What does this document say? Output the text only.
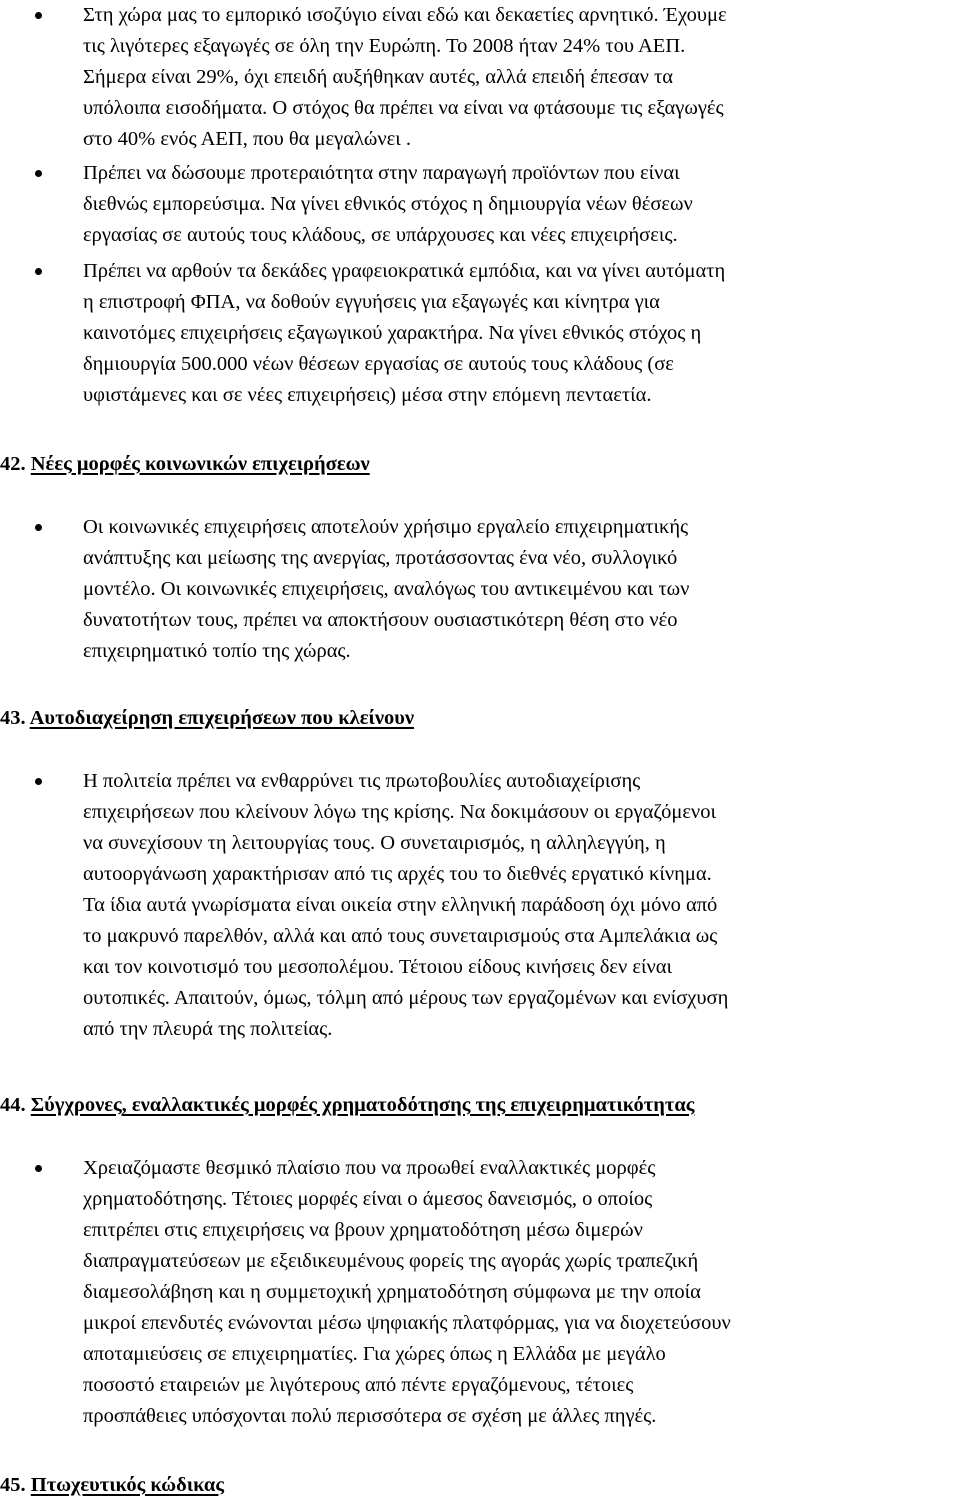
Στη χώρα μας το εμπορικό ισοζύγιο είναι εδώ και δεκαετίες αρνητικό. Έχουμε
τις λιγότερες εξαγωγές σε όλη την Ευρώπη. Το 2008 ήταν 24% του ΑΕΠ.
Σήμερα είναι 29%, όχι επειδή αυξήθηκαν αυτές, αλλά επειδή έπεσαν τα
υπόλοιπα εισοδήματα. Ο στόχος θα πρέπει να είναι να φτάσουμε τις εξαγωγές
στο 40% ενός ΑΕΠ, που θα μεγαλώνει .
Πρέπει να δώσουμε προτεραιότητα στην παραγωγή προϊόντων που είναι
διεθνώς εμπορεύσιμα. Να γίνει εθνικός στόχος η δημιουργία νέων θέσεων
εργασίας σε αυτούς τους κλάδους, σε υπάρχουσες και νέες επιχειρήσεις.
Πρέπει να αρθούν τα δεκάδες γραφειοκρατικά εμπόδια, και να γίνει αυτόματη
η επιστροφή ΦΠΑ, να δοθούν εγγυήσεις για εξαγωγές και κίνητρα για
καινοτόμες επιχειρήσεις εξαγωγικού χαρακτήρα. Να γίνει εθνικός στόχος η
δημιουργία 500.000 νέων θέσεων εργασίας σε αυτούς τους κλάδους (σε
υφιστάμενες και σε νέες επιχειρήσεις) μέσα στην επόμενη πενταετία.
42. Νέες μορφές κοινωνικών επιχειρήσεων
Οι κοινωνικές επιχειρήσεις αποτελούν χρήσιμο εργαλείο επιχειρηματικής
ανάπτυξης και μείωσης της ανεργίας, προτάσσοντας ένα νέο, συλλογικό
μοντέλο. Οι κοινωνικές επιχειρήσεις, αναλόγως του αντικειμένου και των
δυνατοτήτων τους, πρέπει να αποκτήσουν ουσιαστικότερη θέση στο νέο
επιχειρηματικό τοπίο της χώρας.
43. Αυτοδιαχείρηση επιχειρήσεων που κλείνουν
Η πολιτεία πρέπει να ενθαρρύνει τις πρωτοβουλίες αυτοδιαχείρισης
επιχειρήσεων που κλείνουν λόγω της κρίσης. Να δοκιμάσουν οι εργαζόμενοι
να συνεχίσουν τη λειτουργίας τους. Ο συνεταιρισμός, η αλληλεγγύη, η
αυτοοργάνωση χαρακτήρισαν από τις αρχές του το διεθνές εργατικό κίνημα.
Τα ίδια αυτά γνωρίσματα είναι οικεία στην ελληνική παράδοση όχι μόνο από
το μακρυνό παρελθόν, αλλά και από τους συνεταιρισμούς στα Αμπελάκια ως
και τον κοινοτισμό του μεσοπολέμου. Τέτοιου είδους κινήσεις δεν είναι
ουτοπικές. Απαιτούν, όμως, τόλμη από μέρους των εργαζομένων και ενίσχυση
από την πλευρά της πολιτείας.
44. Σύγχρονες, εναλλακτικές μορφές χρηματοδότησης της επιχειρηματικότητας
Χρειαζόμαστε θεσμικό πλαίσιο που να προωθεί εναλλακτικές μορφές
χρηματοδότησης. Τέτοιες μορφές είναι ο άμεσος δανεισμός, ο οποίος
επιτρέπει στις επιχειρήσεις να βρουν χρηματοδότηση μέσω διμερών
διαπραγματεύσεων με εξειδικευμένους φορείς της αγοράς χωρίς τραπεζική
διαμεσολάβηση και η συμμετοχική χρηματοδότηση σύμφωνα με την οποία
μικροί επενδυτές ενώνονται μέσω ψηφιακής πλατφόρμας, για να διοχετεύσουν
αποταμιεύσεις σε επιχειρηματίες. Για χώρες όπως η Ελλάδα με μεγάλο
ποσοστό εταιρειών με λιγότερους από πέντε εργαζόμενους, τέτοιες
προσπάθειες υπόσχονται πολύ περισσότερα σε σχέση με άλλες πηγές.
45. Πτωχευτικός κώδικας
